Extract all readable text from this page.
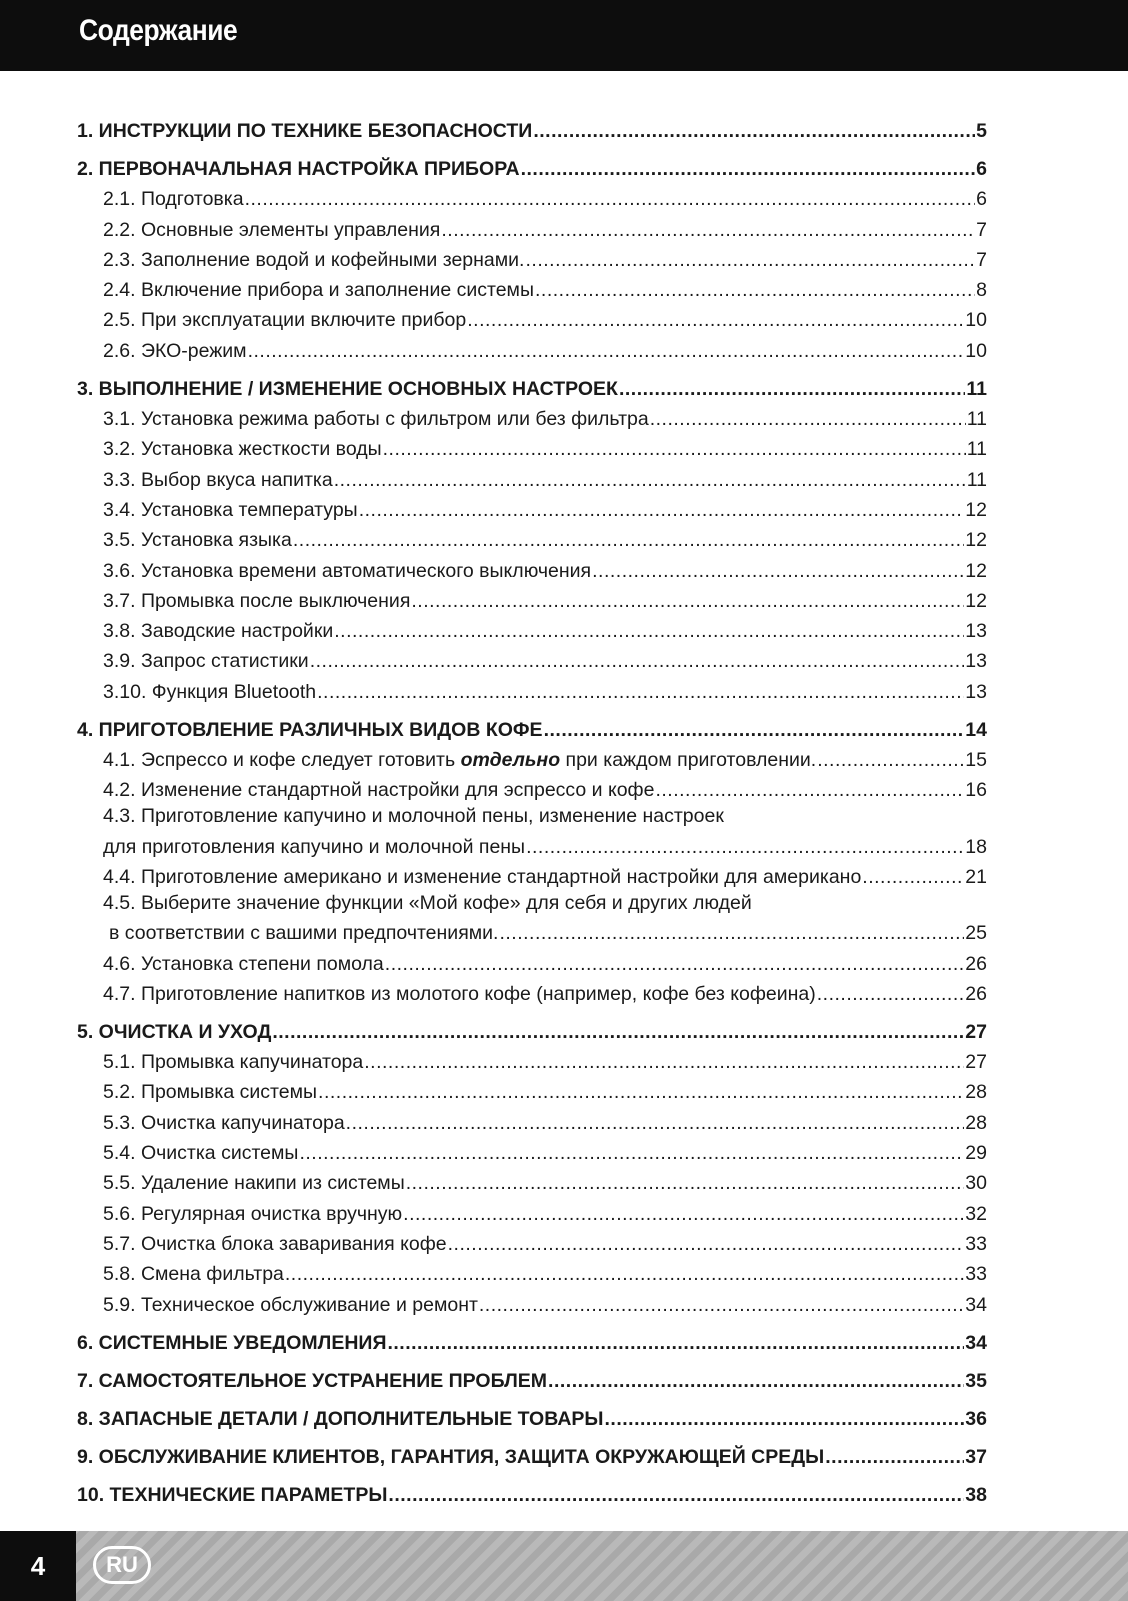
Содержание
1. ИНСТРУКЦИИ ПО ТЕХНИКЕ БЕЗОПАСНОСТИ .....	5
2. ПЕРВОНАЧАЛЬНАЯ НАСТРОЙКА ПРИБОРА .....	6
2.1. Подготовка .....	6
2.2. Основные элементы управления .....	7
2.3. Заполнение водой и кофейными зернами. .....	7
2.4. Включение прибора и заполнение системы .....	8
2.5. При эксплуатации включите прибор .....	10
2.6. ЭКО-режим .....	10
3. ВЫПОЛНЕНИЕ / ИЗМЕНЕНИЕ ОСНОВНЫХ НАСТРОЕК .....	11
3.1. Установка режима работы с фильтром или без фильтра .....	11
3.2. Установка жесткости воды .....	11
3.3. Выбор вкуса напитка .....	11
3.4. Установка температуры .....	12
3.5. Установка языка .....	12
3.6. Установка времени автоматического выключения .....	12
3.7. Промывка после выключения .....	12
3.8. Заводские настройки .....	13
3.9. Запрос статистики .....	13
3.10. Функция Bluetooth .....	13
4. ПРИГОТОВЛЕНИЕ РАЗЛИЧНЫХ ВИДОВ КОФЕ .....	14
4.1. Эспрессо и кофе следует готовить отдельно при каждом приготовлении. .....	15
4.2. Изменение стандартной настройки для эспрессо и кофе .....	16
4.3. Приготовление капучино и молочной пены, изменение настроек
для приготовления капучино и молочной пены .....	18
4.4. Приготовление американо и изменение стандартной настройки для американо .....	21
4.5. Выберите значение функции «Мой кофе» для себя и других людей
в соответствии с вашими предпочтениями. .....	25
4.6. Установка степени помола .....	26
4.7. Приготовление напитков из молотого кофе (например, кофе без кофеина) .....	26
5. ОЧИСТКА И УХОД .....	27
5.1. Промывка капучинатора .....	27
5.2. Промывка системы .....	28
5.3. Очистка капучинатора .....	28
5.4. Очистка системы .....	29
5.5. Удаление накипи из системы .....	30
5.6. Регулярная очистка вручную .....	32
5.7. Очистка блока заваривания кофе .....	33
5.8. Смена фильтра .....	33
5.9. Техническое обслуживание и ремонт .....	34
6. СИСТЕМНЫЕ УВЕДОМЛЕНИЯ .....	34
7. САМОСТОЯТЕЛЬНОЕ УСТРАНЕНИЕ ПРОБЛЕМ .....	35
8. ЗАПАСНЫЕ ДЕТАЛИ / ДОПОЛНИТЕЛЬНЫЕ ТОВАРЫ .....	36
9. ОБСЛУЖИВАНИЕ КЛИЕНТОВ, ГАРАНТИЯ, ЗАЩИТА ОКРУЖАЮЩЕЙ СРЕДЫ .....	37
10. ТЕХНИЧЕСКИЕ ПАРАМЕТРЫ .....	38
4	RU
